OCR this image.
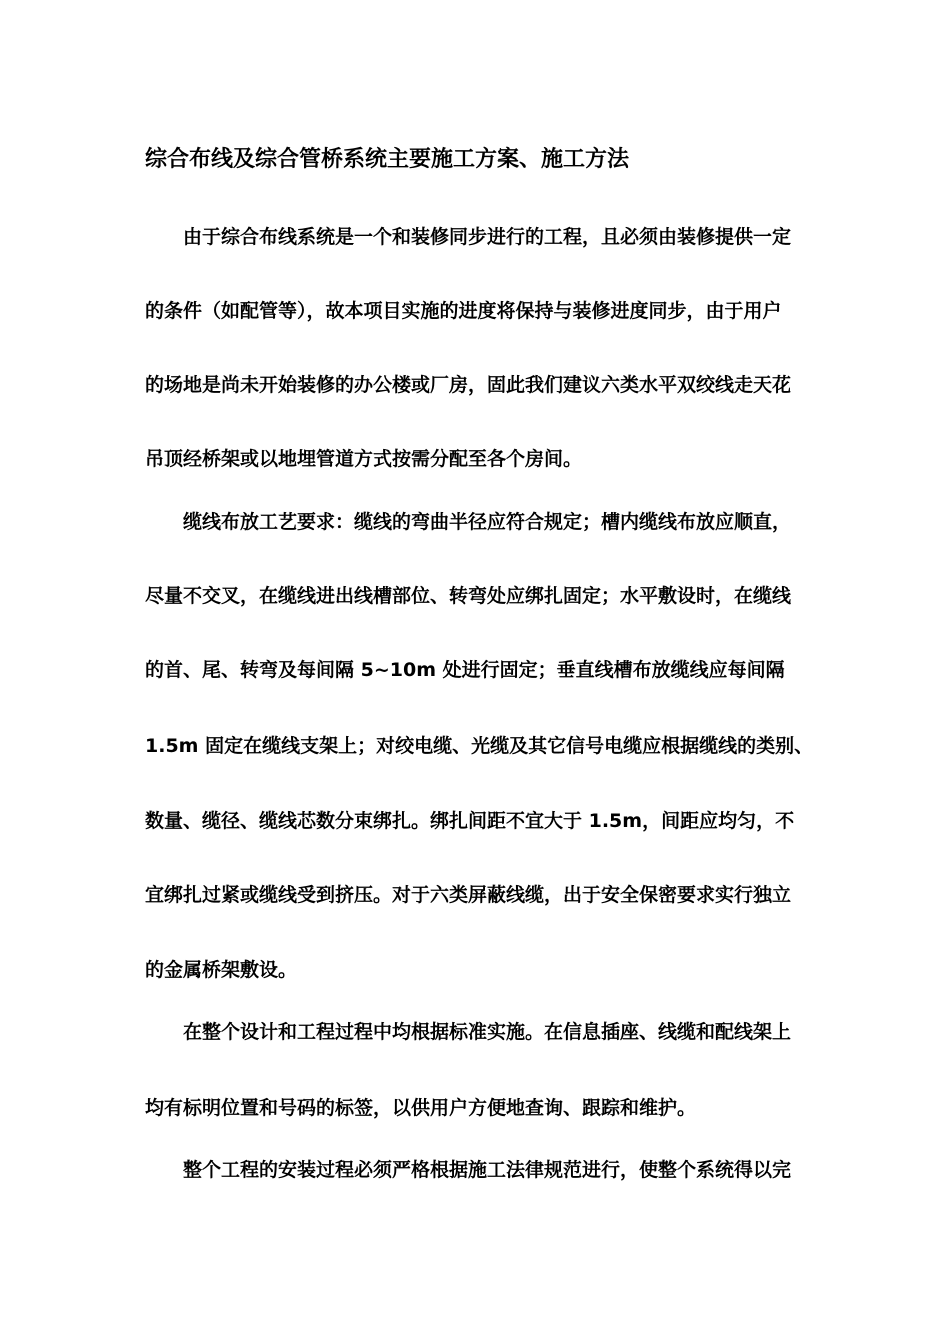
综合布线及综合管桥系统主要施工方案、施工方法
由于综合布线系统是一个和装修同步进行的工程，且必须由装修提供一定
的条件（如配管等），故本项目实施的进度将保持与装修进度同步，由于用户
的场地是尚未开始装修的办公楼或厂房，固此我们建议六类水平双绞线走天花
吊顶经桥架或以地埋管道方式按需分配至各个房间。
缆线布放工艺要求：缆线的弯曲半径应符合规定；槽内缆线布放应顺直，
尽量不交叉，在缆线进出线槽部位、转弯处应绑扎固定；水平敷设时，在缆线
的首、尾、转弯及每间隔 5~10m 处进行固定；垂直线槽布放缆线应每间隔
1.5m 固定在缆线支架上；对绞电缆、光缆及其它信号电缆应根据缆线的类别、
数量、缆径、缆线芯数分束绑扎。绑扎间距不宜大于 1.5m，间距应均匀，不
宜绑扎过紧或缆线受到挤压。对于六类屏蔽线缆，出于安全保密要求实行独立
的金属桥架敷设。
在整个设计和工程过程中均根据标准实施。在信息插座、线缆和配线架上
均有标明位置和号码的标签，以供用户方便地查询、跟踪和维护。
整个工程的安装过程必须严格根据施工法律规范进行，使整个系统得以完
